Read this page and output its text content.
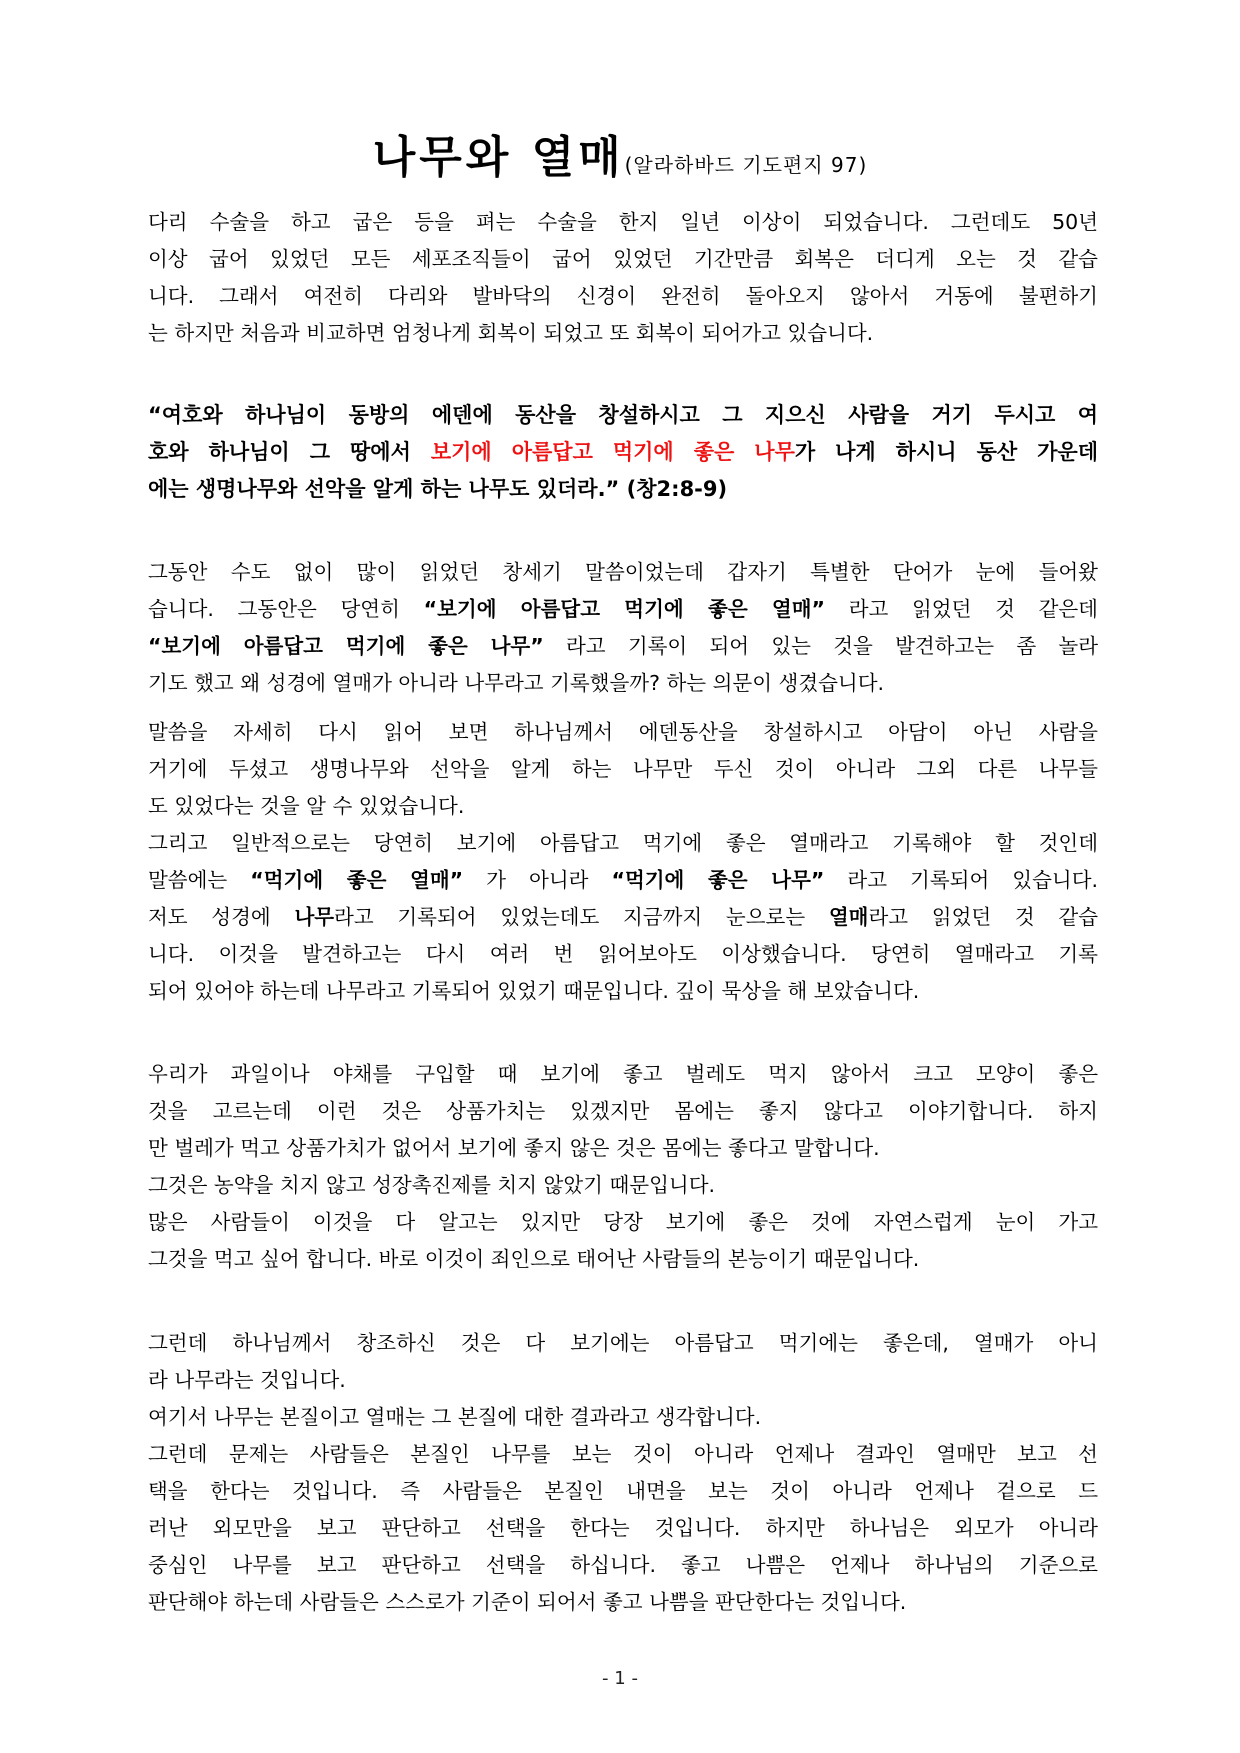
나무와 열매(알라하바드 기도편지 97)
다리 수술을 하고 굽은 등을 펴는 수술을 한지 일년 이상이 되었습니다. 그런데도 50년
이상 굽어 있었던 모든 세포조직들이 굽어 있었던 기간만큼 회복은 더디게 오는 것 같습
니다. 그래서 여전히 다리와 발바닥의 신경이 완전히 돌아오지 않아서 거동에 불편하기
는 하지만 처음과 비교하면 엄청나게 회복이 되었고 또 회복이 되어가고 있습니다.
“여호와 하나님이 동방의 에덴에 동산을 창설하시고 그 지으신 사람을 거기 두시고 여
호와 하나님이 그 땅에서 보기에 아름답고 먹기에 좋은 나무가 나게 하시니 동산 가운데
에는 생명나무와 선악을 알게 하는 나무도 있더라.” (창2:8-9)
그동안 수도 없이 많이 읽었던 창세기 말씀이었는데 갑자기 특별한 단어가 눈에 들어왔
습니다. 그동안은 당연히 “보기에 아름답고 먹기에 좋은 열매” 라고 읽었던 것 같은데
“보기에 아름답고 먹기에 좋은 나무” 라고 기록이 되어 있는 것을 발견하고는 좀 놀라
기도 했고 왜 성경에 열매가 아니라 나무라고 기록했을까? 하는 의문이 생겼습니다.
말씀을 자세히 다시 읽어 보면 하나님께서 에덴동산을 창설하시고 아담이 아닌 사람을
거기에 두셨고 생명나무와 선악을 알게 하는 나무만 두신 것이 아니라 그외 다른 나무들
도 있었다는 것을 알 수 있었습니다.
그리고 일반적으로는 당연히 보기에 아름답고 먹기에 좋은 열매라고 기록해야 할 것인데
말씀에는 “먹기에 좋은 열매” 가 아니라 “먹기에 좋은 나무” 라고 기록되어 있습니다.
저도 성경에 나무라고 기록되어 있었는데도 지금까지 눈으로는 열매라고 읽었던 것 같습
니다. 이것을 발견하고는 다시 여러 번 읽어보아도 이상했습니다. 당연히 열매라고 기록
되어 있어야 하는데 나무라고 기록되어 있었기 때문입니다. 깊이 묵상을 해 보았습니다.
우리가 과일이나 야채를 구입할 때 보기에 좋고 벌레도 먹지 않아서 크고 모양이 좋은
것을 고르는데 이런 것은 상품가치는 있겠지만 몸에는 좋지 않다고 이야기합니다. 하지
만 벌레가 먹고 상품가치가 없어서 보기에 좋지 않은 것은 몸에는 좋다고 말합니다.
그것은 농약을 치지 않고 성장촉진제를 치지 않았기 때문입니다.
많은 사람들이 이것을 다 알고는 있지만 당장 보기에 좋은 것에 자연스럽게 눈이 가고
그것을 먹고 싶어 합니다. 바로 이것이 죄인으로 태어난 사람들의 본능이기 때문입니다.
그런데 하나님께서 창조하신 것은 다 보기에는 아름답고 먹기에는 좋은데, 열매가 아니
라 나무라는 것입니다.
여기서 나무는 본질이고 열매는 그 본질에 대한 결과라고 생각합니다.
그런데 문제는 사람들은 본질인 나무를 보는 것이 아니라 언제나 결과인 열매만 보고 선
택을 한다는 것입니다. 즉 사람들은 본질인 내면을 보는 것이 아니라 언제나 겉으로 드
러난 외모만을 보고 판단하고 선택을 한다는 것입니다. 하지만 하나님은 외모가 아니라
중심인 나무를 보고 판단하고 선택을 하십니다. 좋고 나쁨은 언제나 하나님의 기준으로
판단해야 하는데 사람들은 스스로가 기준이 되어서 좋고 나쁨을 판단한다는 것입니다.
- 1 -
